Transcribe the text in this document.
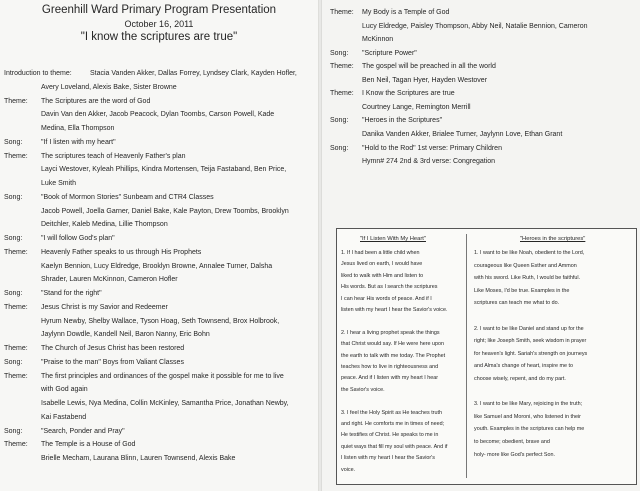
Greenhill Ward Primary Program Presentation
October 16, 2011
"I know the scriptures are true"
Introduction to theme:	Stacia Vanden Akker, Dallas Forrey, Lyndsey Clark, Kayden Hofler,
Avery Loveland, Alexis Bake, Sister Browne
Theme: The Scriptures are the word of God
Davin Van den Akker, Jacob Peacock, Dylan Toombs, Carson Powell, Kade
Medina, Ella Thompson
Song:	"If I listen with my heart"
Theme: The scriptures teach of Heavenly Father's plan
Layci Westover, Kyleah Phillips, Kindra Mortensen, Teija Fastaband, Ben Price,
Luke Smith
Song:	"Book of Mormon Stories" Sunbeam and CTR4 Classes
Jacob Powell, Joella Garner, Daniel Bake, Kale Payton, Drew Toombs, Brooklyn
Deitchler, Kaleb Medina, Lillie Thompson
Song:	"I will follow God's plan"
Theme: Heavenly Father speaks to us through His Prophets
Kaelyn Bennion, Lucy Eldredge, Brooklyn Browne, Annalee Turner, Dalsha
Shrader, Lauren McKinnon, Cameron Hofler
Song:	"Stand for the right"
Theme: Jesus Christ is my Savior and Redeemer
Hyrum Newby, Shelby Wallace, Tyson Hoag, Seth Townsend, Brox Holbrook,
Jaylynn Dowdle, Kandell Neil, Baron Nanny, Eric Bohn
Theme: The Church of Jesus Christ has been restored
Song:	"Praise to the man" Boys from Valiant Classes
Theme: The first principles and ordinances of the gospel make it possible for me to live
with God again
Isabelle Lewis, Nya Medina, Collin McKinley, Samantha Price, Jonathan Newby,
Kai Fastabend
Song:	"Search, Ponder and Pray"
Theme: The Temple is a House of God
Brielle Mecham, Laurana Blinn, Lauren Townsend, Alexis Bake
Theme: My Body is a Temple of God
Lucy Eldredge, Paisley Thompson, Abby Neil, Natalie Bennion, Cameron
McKinnon
Song: "Scripture Power"
Theme: The gospel will be preached in all the world
Ben Neil, Tagan Hyer, Hayden Westover
Theme: I Know the Scriptures are true
Courtney Lange, Remington Merrill
Song: "Heroes in the Scriptures"
Danika Vanden Akker, Brialee Turner, Jaylynn Love, Ethan Grant
Song: "Hold to the Rod" 1st verse: Primary Children
Hymn# 274 2nd & 3rd verse: Congregation
"If I Listen With My Heart"	"Heroes in the scriptures"
1. If I had been a little child when
Jesus lived on earth, I would have
liked to walk with Him and listen to
His words. But as I search the scriptures
I can hear His words of peace. And if I
listen with my heart I hear the Savior's voice.
2. I hear a living prophet speak the things
that Christ would say. If He were here upon
the earth to talk with me today. The Prophet
teaches how to live in righteousness and
peace. And if I listen with my heart I hear
the Savior's voice.
3. I feel the Holy Spirit as He teaches truth
and right. He comforts me in times of need;
He testifies of Christ. He speaks to me in
quiet ways that fill my soul with peace. And if
I listen with my heart I hear the Savior's
voice.
1. I want to be like Noah, obedient to the Lord,
courageous like Queen Esther and Ammon
with his sword. Like Ruth, I would be faithful.
Like Moses, I'd be true. Examples in the
scriptures can teach me what to do.
2. I want to be like Daniel and stand up for the
right; like Joseph Smith, seek wisdom in prayer
for heaven's light. Sariah's strength on journeys
and Alma's change of heart, inspire me to
choose wisely, repent, and do my part.
3. I want to be like Mary, rejoicing in the truth;
like Samuel and Moroni, who listened in their
youth. Examples in the scriptures can help me
to become; obedient, brave and
holy- more like God's perfect Son.
